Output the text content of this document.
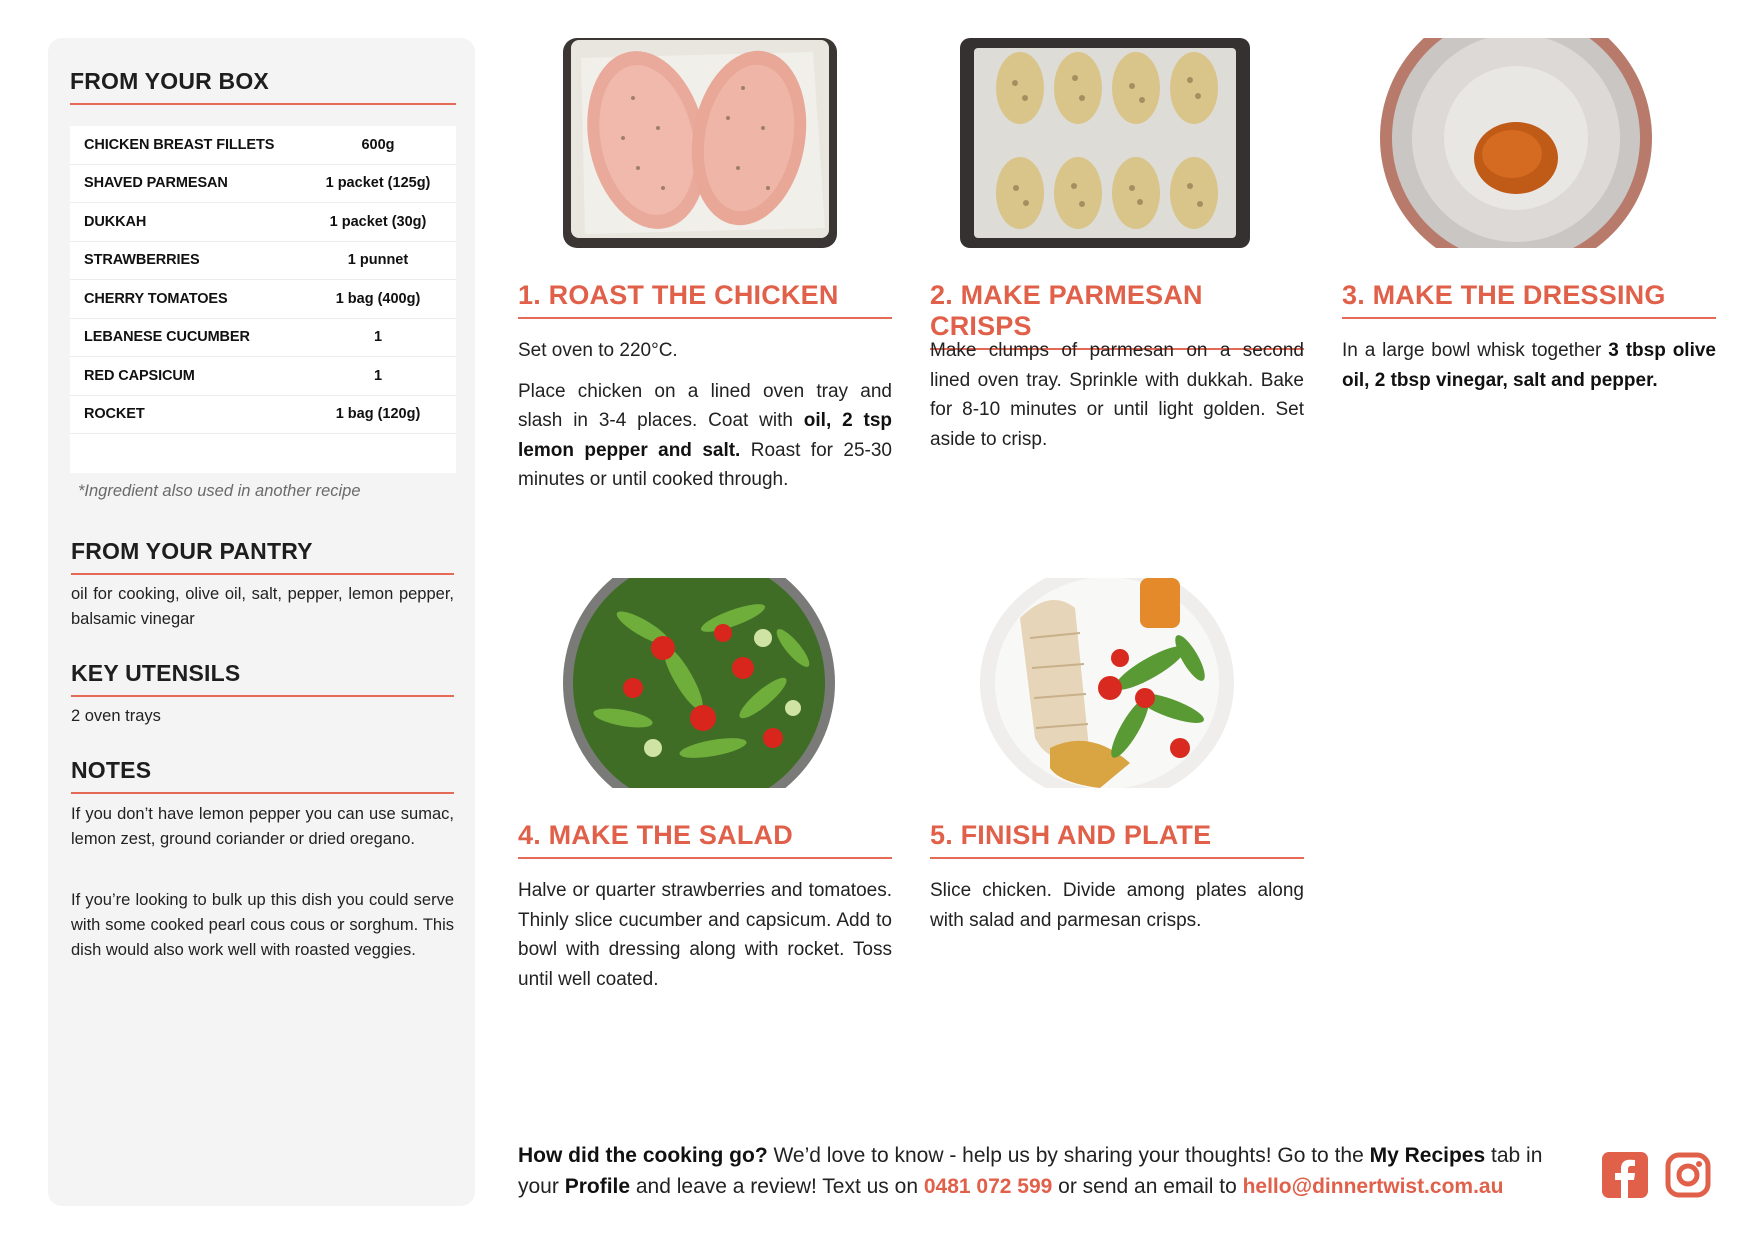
FROM YOUR BOX
CHICKEN BREAST FILLETS	600g
SHAVED PARMESAN	1 packet (125g)
DUKKAH	1 packet (30g)
STRAWBERRIES	1 punnet
CHERRY TOMATOES	1 bag (400g)
LEBANESE CUCUMBER	1
RED CAPSICUM	1
ROCKET	1 bag (120g)
*Ingredient also used in another recipe
FROM YOUR PANTRY
oil for cooking, olive oil, salt, pepper, lemon pepper, balsamic vinegar
KEY UTENSILS
2 oven trays
NOTES
If you don’t have lemon pepper you can use sumac, lemon zest, ground coriander or dried oregano.
If you’re looking to bulk up this dish you could serve with some cooked pearl cous cous or sorghum. This dish would also work well with roasted veggies.
1. ROAST THE CHICKEN

Set oven to 220°C.

Place chicken on a lined oven tray and slash in 3-4 places. Coat with oil, 2 tsp lemon pepper and salt. Roast for 25-30 minutes or until cooked through.

2. MAKE PARMESAN CRISPS

Make clumps of parmesan on a second lined oven tray. Sprinkle with dukkah. Bake for 8-10 minutes or until light golden. Set aside to crisp.

3. MAKE THE DRESSING

In a large bowl whisk together 3 tbsp olive oil, 2 tbsp vinegar, salt and pepper.

4. MAKE THE SALAD

Halve or quarter strawberries and tomatoes. Thinly slice cucumber and capsicum. Add to bowl with dressing along with rocket. Toss until well coated.

5. FINISH AND PLATE

Slice chicken. Divide among plates along with salad and parmesan crisps.

How did the cooking go? We’d love to know - help us by sharing your thoughts! Go to the My Recipes tab in your Profile and leave a review! Text us on 0481 072 599 or send an email to hello@dinnertwist.com.au
